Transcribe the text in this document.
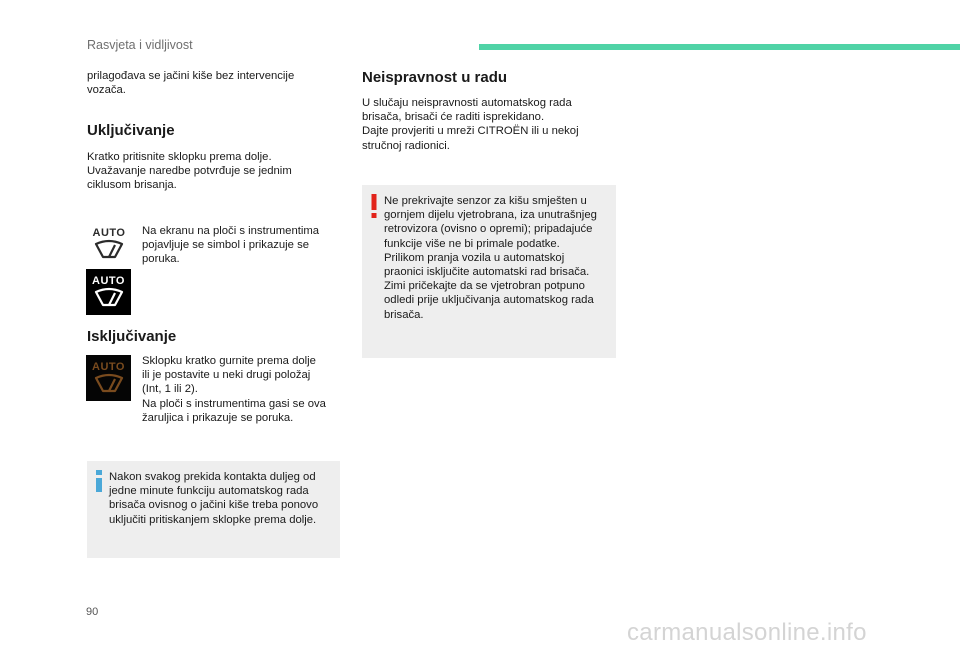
Rasvjeta i vidljivost
prilagođava se jačini kiše bez intervencije
vozača.
Uključivanje
Kratko pritisnite sklopku prema dolje.
Uvažavanje naredbe potvrđuje se jednim
ciklusom brisanja.
AUTO
AUTO
Na ekranu na ploči s instrumentima
pojavljuje se simbol i prikazuje se
poruka.
Isključivanje
AUTO Sklopku kratko gurnite prema dolje
ili je postavite u neki drugi položaj
(Int, 1 ili 2).
Na ploči s instrumentima gasi se ova
žaruljica i prikazuje se poruka.
Nakon svakog prekida kontakta duljeg od
jedne minute funkciju automatskog rada
brisača ovisnog o jačini kiše treba ponovo
uključiti pritiskanjem sklopke prema dolje.
Neispravnost u radu
U slučaju neispravnosti automatskog rada
brisača, brisači će raditi isprekidano.
Dajte provjeriti u mreži CITROËN ili u nekoj
stručnoj radionici.
Ne prekrivajte senzor za kišu smješten u
gornjem dijelu vjetrobrana, iza unutrašnjeg
retrovizora (ovisno o opremi); pripadajuće
funkcije više ne bi primale podatke.
Prilikom pranja vozila u automatskoj
praonici isključite automatski rad brisača.
Zimi pričekajte da se vjetrobran potpuno
odledi prije uključivanja automatskog rada
brisača.
90
carmanualsonline.info
